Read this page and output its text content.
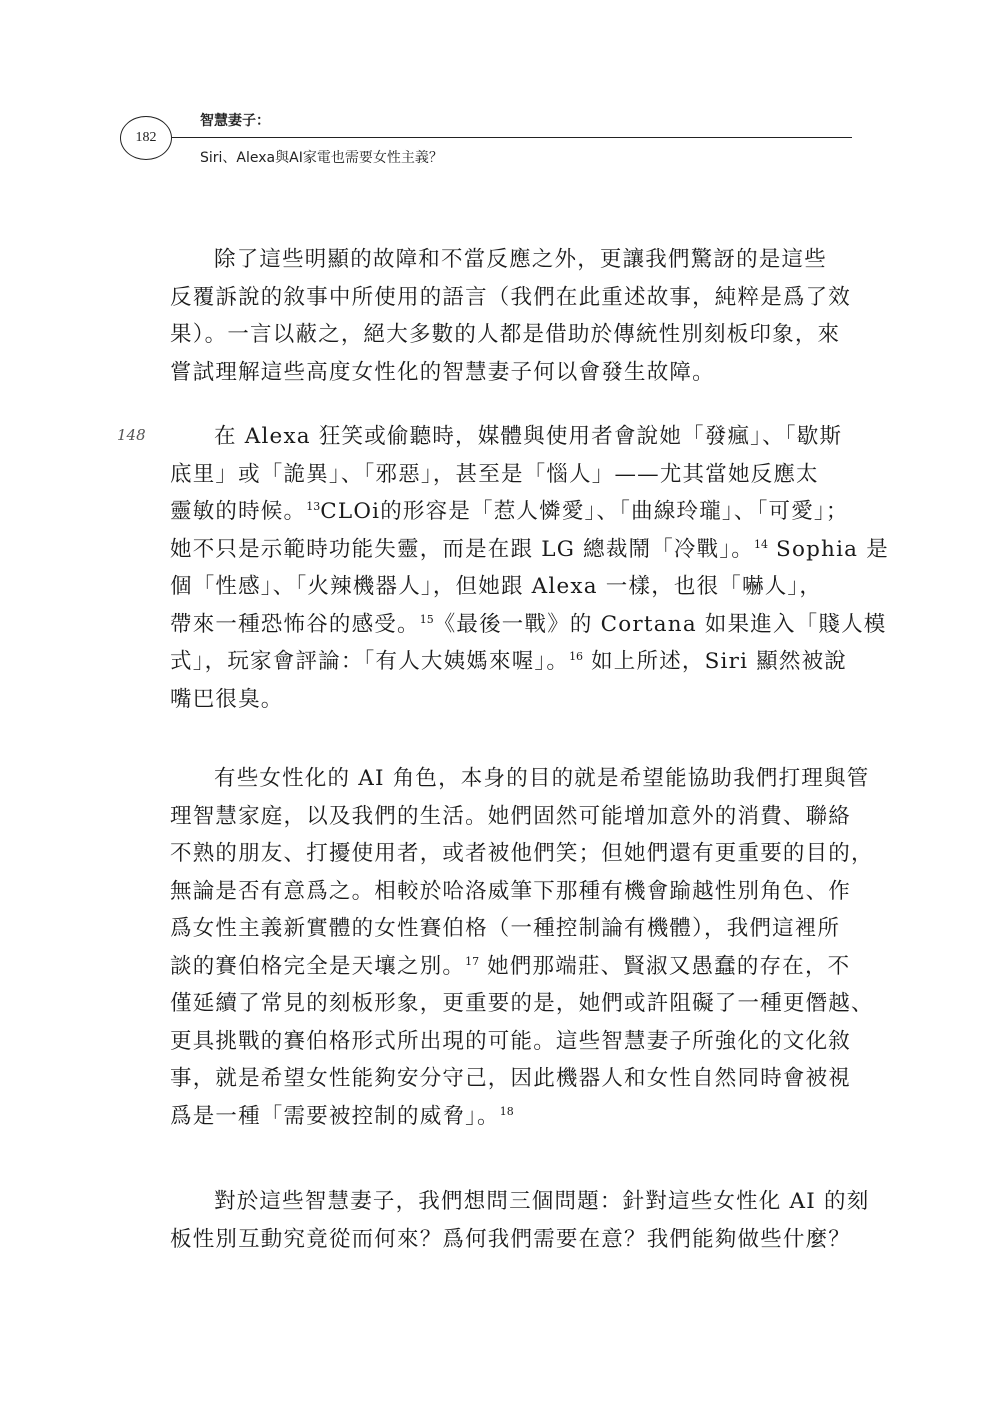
182
智慧妻子：
Siri、Alexa與AI家電也需要女性主義？
148
除了這些明顯的故障和不當反應之外，更讓我們驚訝的是這些
反覆訴說的敘事中所使用的語言（我們在此重述故事，純粹是爲了效
果）。一言以蔽之，絕大多數的人都是借助於傳統性別刻板印象，來
嘗試理解這些高度女性化的智慧妻子何以會發生故障。
在 Alexa 狂笑或偷聽時，媒體與使用者會說她「發瘋」、「歇斯
底里」或「詭異」、「邪惡」，甚至是「惱人」——尤其當她反應太
靈敏的時候。$^{13}$CLOi的形容是「惹人憐愛」、「曲線玲瓏」、「可愛」；
她不只是示範時功能失靈，而是在跟 LG 總裁鬧「冷戰」。$^{14}$ Sophia 是
個「性感」、「火辣機器人」，但她跟 Alexa 一樣，也很「嚇人」，
帶來一種恐怖谷的感受。$^{15}$《最後一戰》的 Cortana 如果進入「賤人模
式」，玩家會評論：「有人大姨媽來喔」。$^{16}$ 如上所述，Siri 顯然被說
嘴巴很臭。
有些女性化的 AI 角色，本身的目的就是希望能協助我們打理與管
理智慧家庭，以及我們的生活。她們固然可能增加意外的消費、聯絡
不熟的朋友、打擾使用者，或者被他們笑；但她們還有更重要的目的，
無論是否有意爲之。相較於哈洛威筆下那種有機會踰越性別角色、作
爲女性主義新實體的女性賽伯格（一種控制論有機體），我們這裡所
談的賽伯格完全是天壤之別。$^{17}$ 她們那端莊、賢淑又愚蠢的存在，不
僅延續了常見的刻板形象，更重要的是，她們或許阻礙了一種更僭越、
更具挑戰的賽伯格形式所出現的可能。這些智慧妻子所強化的文化敘
事，就是希望女性能夠安分守己，因此機器人和女性自然同時會被視
爲是一種「需要被控制的威脅」。$^{18}$
對於這些智慧妻子，我們想問三個問題：針對這些女性化 AI 的刻
板性別互動究竟從而何來？爲何我們需要在意？我們能夠做些什麼？
